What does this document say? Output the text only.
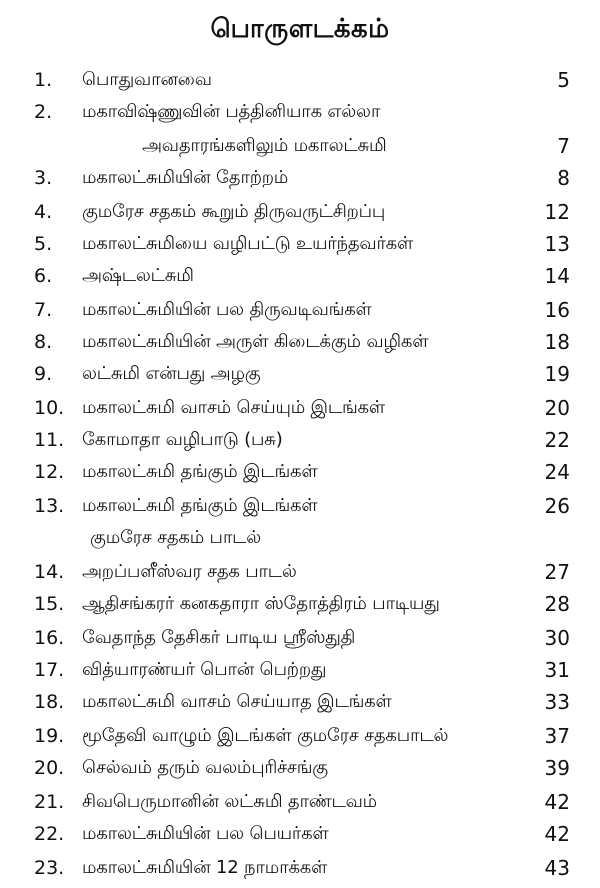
பொருளடக்கம்
1.	பொதுவானவை	5
2.	மகாவிஷ்ணுவின் பத்தினியாக எல்லா
அவதாரங்களிலும் மகாலட்சுமி	7
3.	மகாலட்சுமியின் தோற்றம்	8
4.	குமரேச சதகம் கூறும் திருவருட்சிறப்பு	12
5.	மகாலட்சுமியை வழிபட்டு உயர்ந்தவர்கள்	13
6.	அஷ்டலட்சுமி	14
7.	மகாலட்சுமியின் பல திருவடிவங்கள்	16
8.	மகாலட்சுமியின் அருள் கிடைக்கும் வழிகள்	18
9.	லட்சுமி என்பது அழகு	19
10. மகாலட்சுமி வாசம் செய்யும் இடங்கள்	20
11. கோமாதா வழிபாடு (பசு)	22
12. மகாலட்சுமி தங்கும் இடங்கள்	24
13. மகாலட்சுமி தங்கும் இடங்கள்	26
குமரேச சதகம் பாடல்
14. அறப்பளீஸ்வர சதக பாடல்	27
15. ஆதிசங்கரர் கனகதாரா ஸ்தோத்திரம் பாடியது	28
16. வேதாந்த தேசிகர் பாடிய ஸ்ரீஸ்துதி	30
17. வித்யாரண்யர் பொன் பெற்றது	31
18. மகாலட்சுமி வாசம் செய்யாத இடங்கள்	33
19. மூதேவி வாழும் இடங்கள் குமரேச சதகபாடல்	37
20. செல்வம் தரும் வலம்புரிச்சங்கு	39
21. சிவபெருமானின் லட்சுமி தாண்டவம்	42
22. மகாலட்சுமியின் பல பெயர்கள்	42
23. மகாலட்சுமியின் 12 நாமாக்கள்	43
